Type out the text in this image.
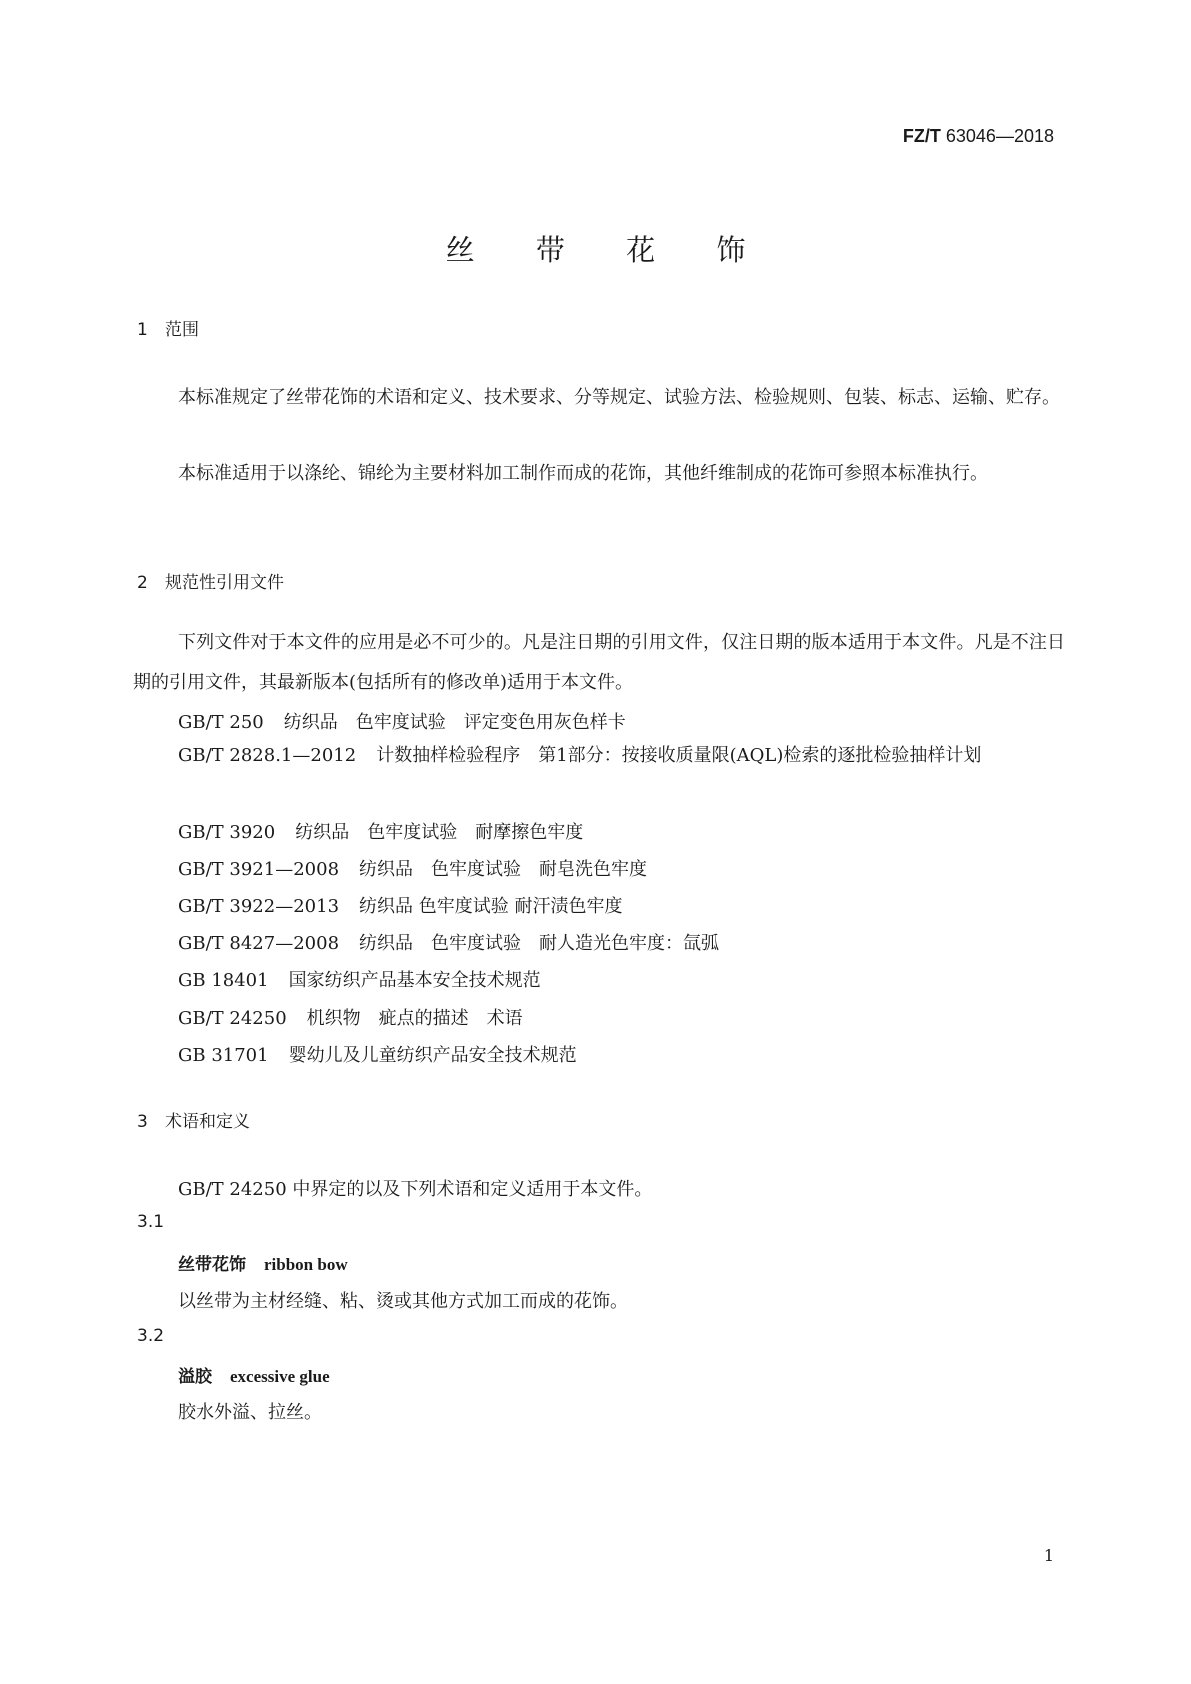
FZ/T 63046—2018
丝 带 花 饰
1 范围
本标准规定了丝带花饰的术语和定义、技术要求、分等规定、试验方法、检验规则、包装、标志、运输、贮存。
本标准适用于以涤纶、锦纶为主要材料加工制作而成的花饰，其他纤维制成的花饰可参照本标准执行。
2 规范性引用文件
下列文件对于本文件的应用是必不可少的。凡是注日期的引用文件，仅注日期的版本适用于本文件。凡是不注日期的引用文件，其最新版本(包括所有的修改单)适用于本文件。
GB/T 250 纺织品　色牢度试验　评定变色用灰色样卡
GB/T 2828.1—2012 计数抽样检验程序　第1部分：按接收质量限(AQL)检索的逐批检验抽样计划
GB/T 3920 纺织品　色牢度试验　耐摩擦色牢度
GB/T 3921—2008 纺织品　色牢度试验　耐皂洗色牢度
GB/T 3922—2013 纺织品 色牢度试验 耐汗渍色牢度
GB/T 8427—2008 纺织品　色牢度试验　耐人造光色牢度：氙弧
GB 18401 国家纺织产品基本安全技术规范
GB/T 24250 机织物　疵点的描述　术语
GB 31701 婴幼儿及儿童纺织产品安全技术规范
3 术语和定义
GB/T 24250 中界定的以及下列术语和定义适用于本文件。
3.1
丝带花饰 ribbon bow
以丝带为主材经缝、粘、烫或其他方式加工而成的花饰。
3.2
溢胶 excessive glue
胶水外溢、拉丝。
1
